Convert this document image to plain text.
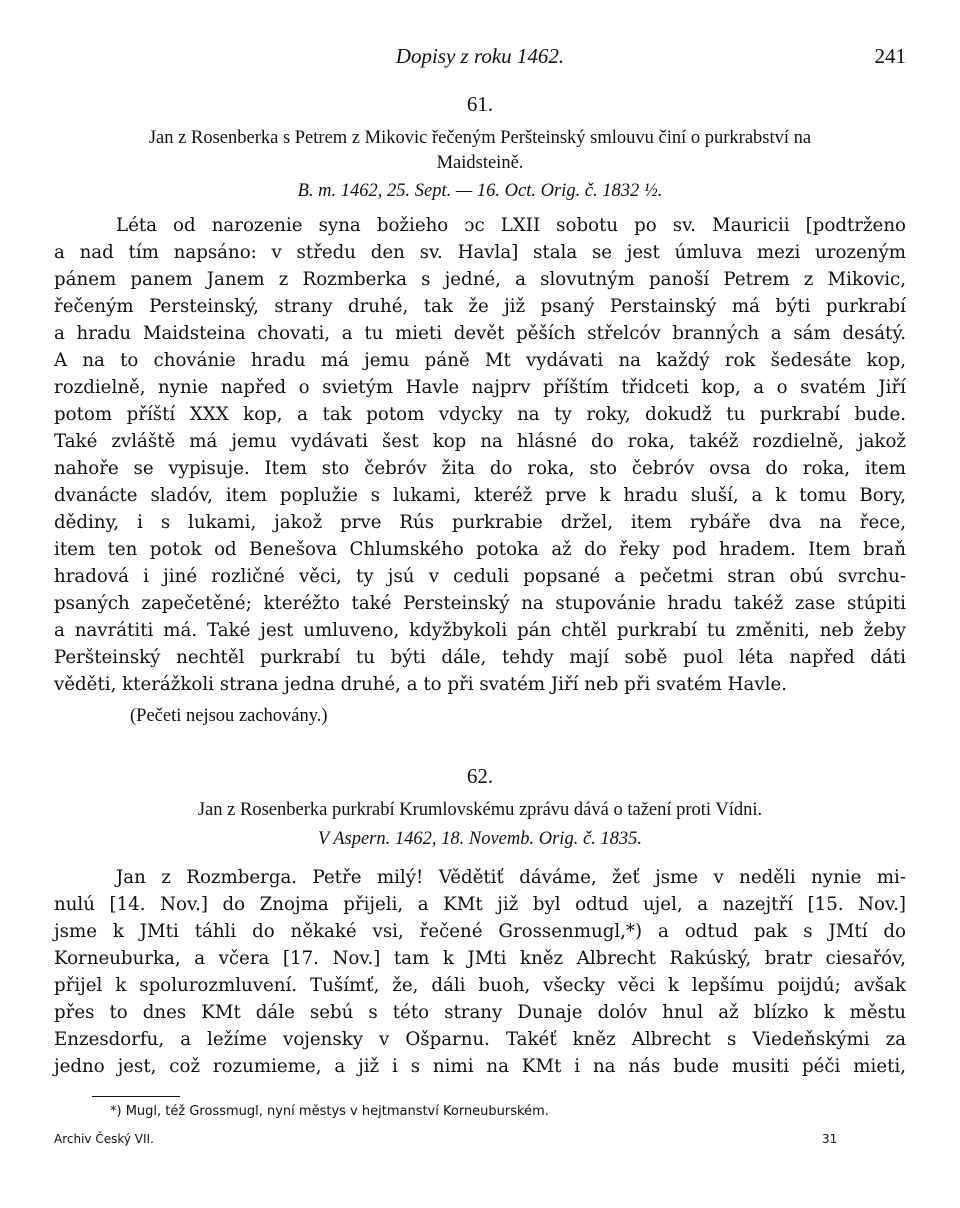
Dopisy z roku 1462.	241
61.
Jan z Rosenberka s Petrem z Mikovic řečeným Peršteinský smlouvu činí o purkrabství na
Maidsteině.
B. m. 1462, 25. Sept. — 16. Oct. Orig. č. 1832 ½.
Léta od narozenie syna božieho ɔc LXII sobotu po sv. Mauricii [podtrženo
a nad tím napsáno: v středu den sv. Havla] stala se jest úmluva mezi urozeným
pánem panem Janem z Rozmberka s jedné, a slovutným panoší Petrem z Mikovic,
řečeným Persteinský, strany druhé, tak že již psaný Perstainský má býti purkrabí
a hradu Maidsteina chovati, a tu mieti devět pěších střelcóv branných a sám desátý.
A na to chovánie hradu má jemu páně Mt vydávati na každý rok šedesáte kop,
rozdielně, nynie napřed o svietým Havle najprv příštím třidceti kop, a o svatém Jiří
potom příští XXX kop, a tak potom vdycky na ty roky, dokudž tu purkrabí bude.
Také zvláště má jemu vydávati šest kop na hlásné do roka, takéž rozdielně, jakož
nahoře se vypisuje. Item sto čebróv žita do roka, sto čebróv ovsa do roka, item
dvanácte sladóv, item poplužie s lukami, kteréž prve k hradu sluší, a k tomu Bory,
dědiny, i s lukami, jakož prve Rús purkrabie držel, item rybáře dva na řece,
item ten potok od Benešova Chlumského potoka až do řeky pod hradem. Item braň
hradová i jiné rozličné věci, ty jsú v ceduli popsané a pečetmi stran obú svrchu-
psaných zapečetěné; kteréžto také Persteinský na stupovánie hradu takéž zase stúpiti
a navrátiti má. Také jest umluveno, kdyžbykoli pán chtěl purkrabí tu změniti, neb žeby
Peršteinský nechtěl purkrabí tu býti dále, tehdy mají sobě puol léta napřed dáti
věděti, kterážkoli strana jedna druhé, a to při svatém Jiří neb při svatém Havle.
(Pečeti nejsou zachovány.)
62.
Jan z Rosenberka purkrabí Krumlovskému zprávu dává o tažení proti Vídni.
V Aspern. 1462, 18. Novemb. Orig. č. 1835.
Jan z Rozmberga. Petře milý! Vědětiť dáváme, žeť jsme v neděli nynie mi-
nulú [14. Nov.] do Znojma přijeli, a KMt již byl odtud ujel, a nazejtří [15. Nov.]
jsme k JMti táhli do někaké vsi, řečené Grossenmugl,*) a odtud pak s JMtí do
Korneuburka, a včera [17. Nov.] tam k JMti kněz Albrecht Rakúský, bratr ciesařóv,
přijel k spolurozmluvení. Tušímť, že, dáli buoh, všecky věci k lepšímu poijdú; avšak
přes to dnes KMt dále sebú s této strany Dunaje dolóv hnul až blízko k městu
Enzesdorfu, a ležíme vojensky v Ošparnu. Takéť kněz Albrecht s Viedeňskými za
jedno jest, což rozumieme, a již i s nimi na KMt i na nás bude musiti péči mieti,
*) Mugl, též Grossmugl, nyní městys v hejtmanství Korneuburském.
Archiv Český VII.	31
